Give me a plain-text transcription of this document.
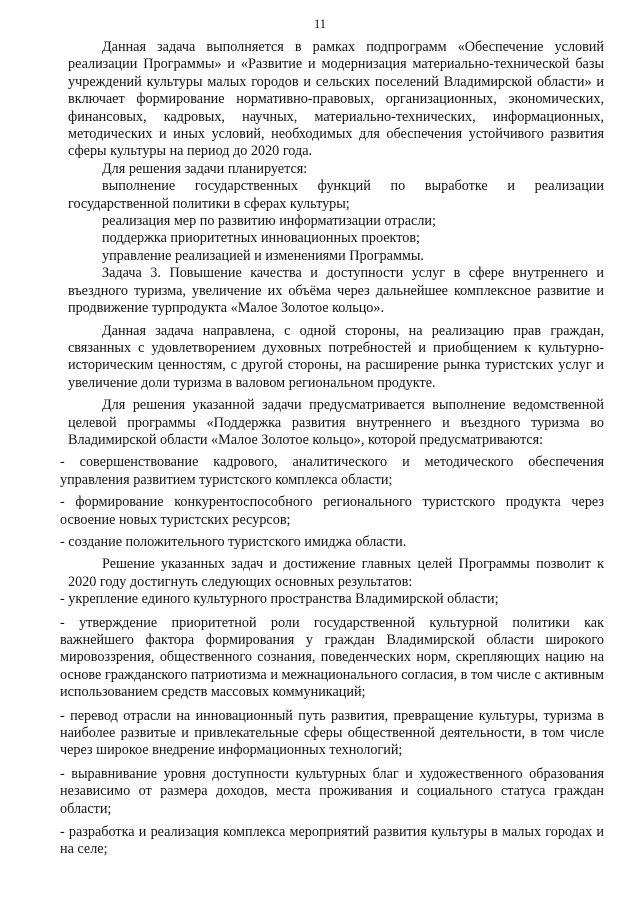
11

Данная задача выполняется в рамках подпрограмм «Обеспечение условий реализации Программы» и «Развитие и модернизация материально-технической базы учреждений культуры малых городов и сельских поселений Владимирской области» и включает формирование нормативно-правовых, организационных, экономических, финансовых, кадровых, научных, материально-технических, информационных, методических и иных условий, необходимых для обеспечения устойчивого развития сферы культуры на период до 2020 года.

Для решения задачи планируется:

выполнение государственных функций по выработке и реализации государственной политики в сферах культуры;

реализация мер по развитию информатизации отрасли;

поддержка приоритетных инновационных проектов;

управление реализацией и изменениями Программы.

Задача 3. Повышение качества и доступности услуг в сфере внутреннего и въездного туризма, увеличение их объёма через дальнейшее комплексное развитие и продвижение турпродукта «Малое Золотое кольцо».

Данная задача направлена, с одной стороны, на реализацию прав граждан, связанных с удовлетворением духовных потребностей и приобщением к культурно-историческим ценностям, с другой стороны, на расширение рынка туристских услуг и увеличение доли туризма в валовом региональном продукте.

Для решения указанной задачи предусматривается выполнение ведомственной целевой программы «Поддержка развития внутреннего и въездного туризма во Владимирской области «Малое Золотое кольцо», которой предусматриваются:

- совершенствование кадрового, аналитического и методического обеспечения управления развитием туристского комплекса области;

- формирование конкурентоспособного регионального туристского продукта через освоение новых туристских ресурсов;

- создание положительного туристского имиджа области.

Решение указанных задач и достижение главных целей Программы позволит к 2020 году достигнуть следующих основных результатов:

- укрепление единого культурного пространства Владимирской области;

- утверждение приоритетной роли государственной культурной политики как важнейшего фактора формирования у граждан Владимирской области широкого мировоззрения, общественного сознания, поведенческих норм, скрепляющих нацию на основе гражданского патриотизма и межнационального согласия, в том числе с активным использованием средств массовых коммуникаций;

- перевод отрасли на инновационный путь развития, превращение культуры, туризма в наиболее развитые и привлекательные сферы общественной деятельности, в том числе через широкое внедрение информационных технологий;

- выравнивание уровня доступности культурных благ и художественного образования независимо от размера доходов, места проживания и социального статуса граждан области;

- разработка и реализация комплекса мероприятий развития культуры в малых городах и на селе;
